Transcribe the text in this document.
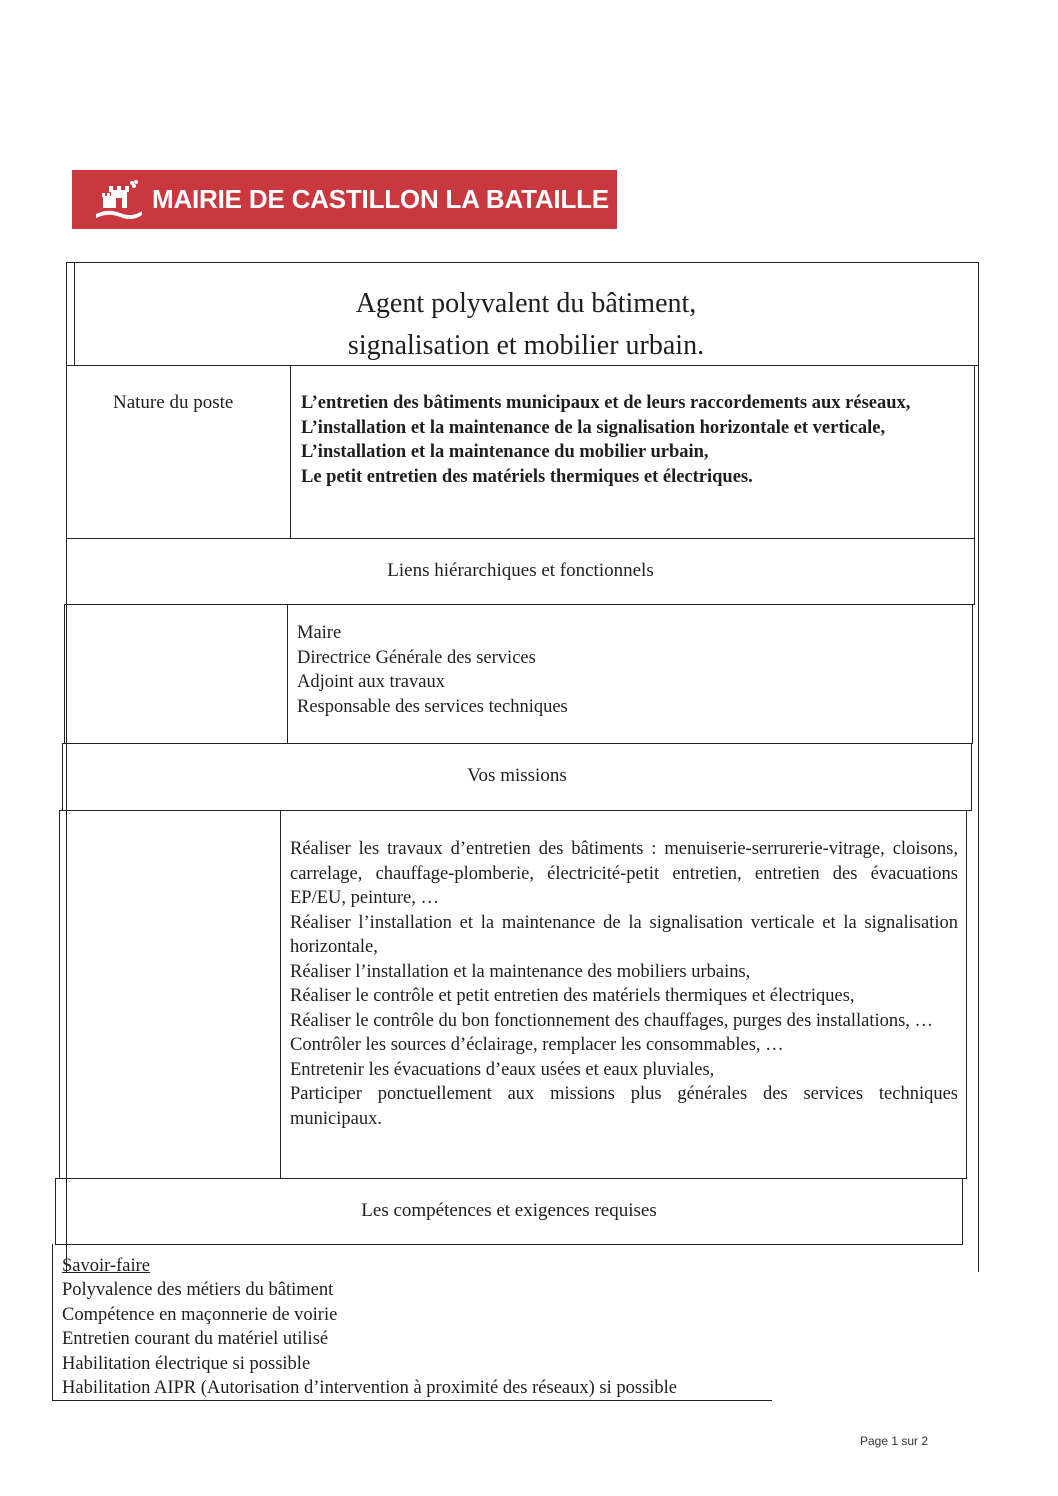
MAIRIE DE CASTILLON LA BATAILLE
Agent polyvalent du bâtiment,
signalisation et mobilier urbain.
Nature du poste	L’entretien des bâtiments municipaux et de leurs raccordements aux réseaux,
L’installation et la maintenance de la signalisation horizontale et verticale,
L’installation et la maintenance du mobilier urbain,
Le petit entretien des matériels thermiques et électriques.
Liens hiérarchiques et fonctionnels
Maire
Directrice Générale des services
Adjoint aux travaux
Responsable des services techniques
Vos missions
Réaliser les travaux d’entretien des bâtiments : menuiserie-serrurerie-vitrage, cloisons, carrelage, chauffage-plomberie, électricité-petit entretien, entretien des évacuations EP/EU, peinture, …
Réaliser l’installation et la maintenance de la signalisation verticale et la signalisation horizontale,
Réaliser l’installation et la maintenance des mobiliers urbains,
Réaliser le contrôle et petit entretien des matériels thermiques et électriques,
Réaliser le contrôle du bon fonctionnement des chauffages, purges des installations, …
Contrôler les sources d’éclairage, remplacer les consommables, …
Entretenir les évacuations d’eaux usées et eaux pluviales,
Participer ponctuellement aux missions plus générales des services techniques municipaux.
Les compétences et exigences requises
Savoir-faire
Polyvalence des métiers du bâtiment
Compétence en maçonnerie de voirie
Entretien courant du matériel utilisé
Habilitation électrique si possible
Habilitation AIPR (Autorisation d’intervention à proximité des réseaux) si possible
Page 1 sur 2
